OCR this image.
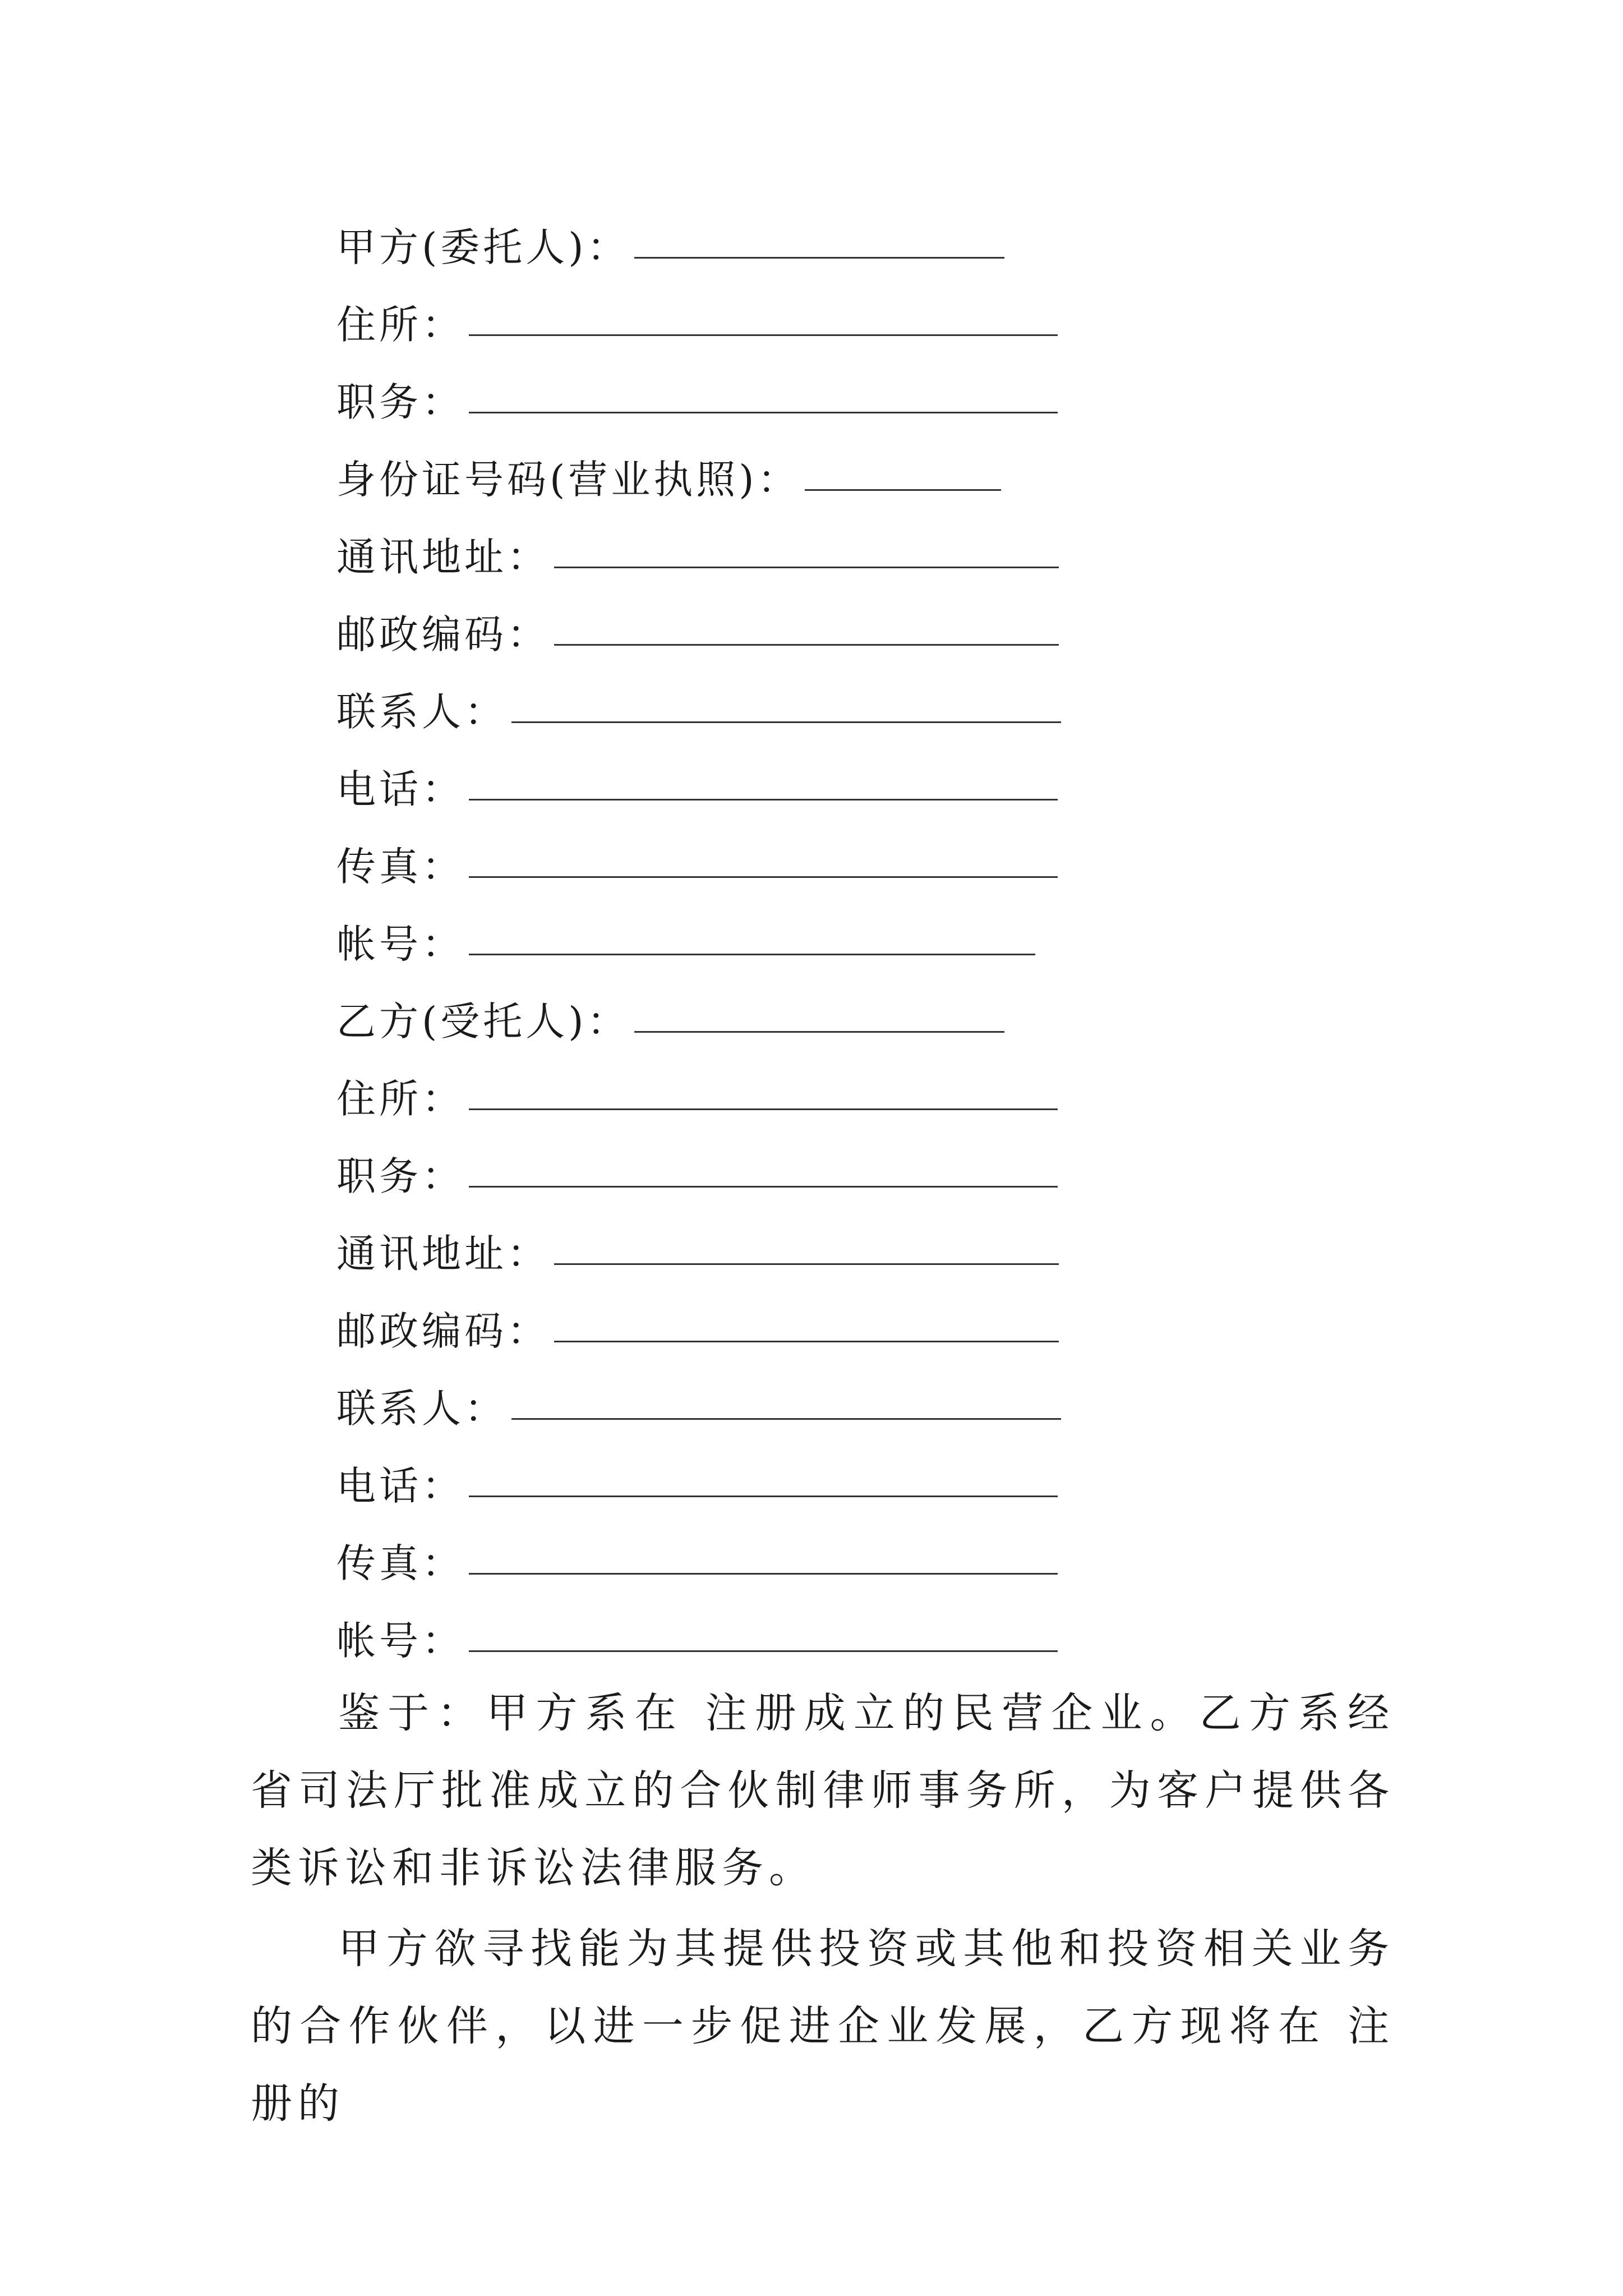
甲方(委托人)：
住所：
职务：
身份证号码(营业执照)：
通讯地址：
邮政编码：
联系人：
电话：
传真：
帐号：
乙方(受托人)：
住所：
职务：
通讯地址：
邮政编码：
联系人：
电话：
传真：
帐号：

鉴于：甲方系在 注册成立的民营企业。乙方系经 省司法厅批准成立的合伙制律师事务所，为客户提供各类诉讼和非诉讼法律服务。

甲方欲寻找能为其提供投资或其他和投资相关业务的合作伙伴，以进一步促进企业发展，乙方现将在 注册的
